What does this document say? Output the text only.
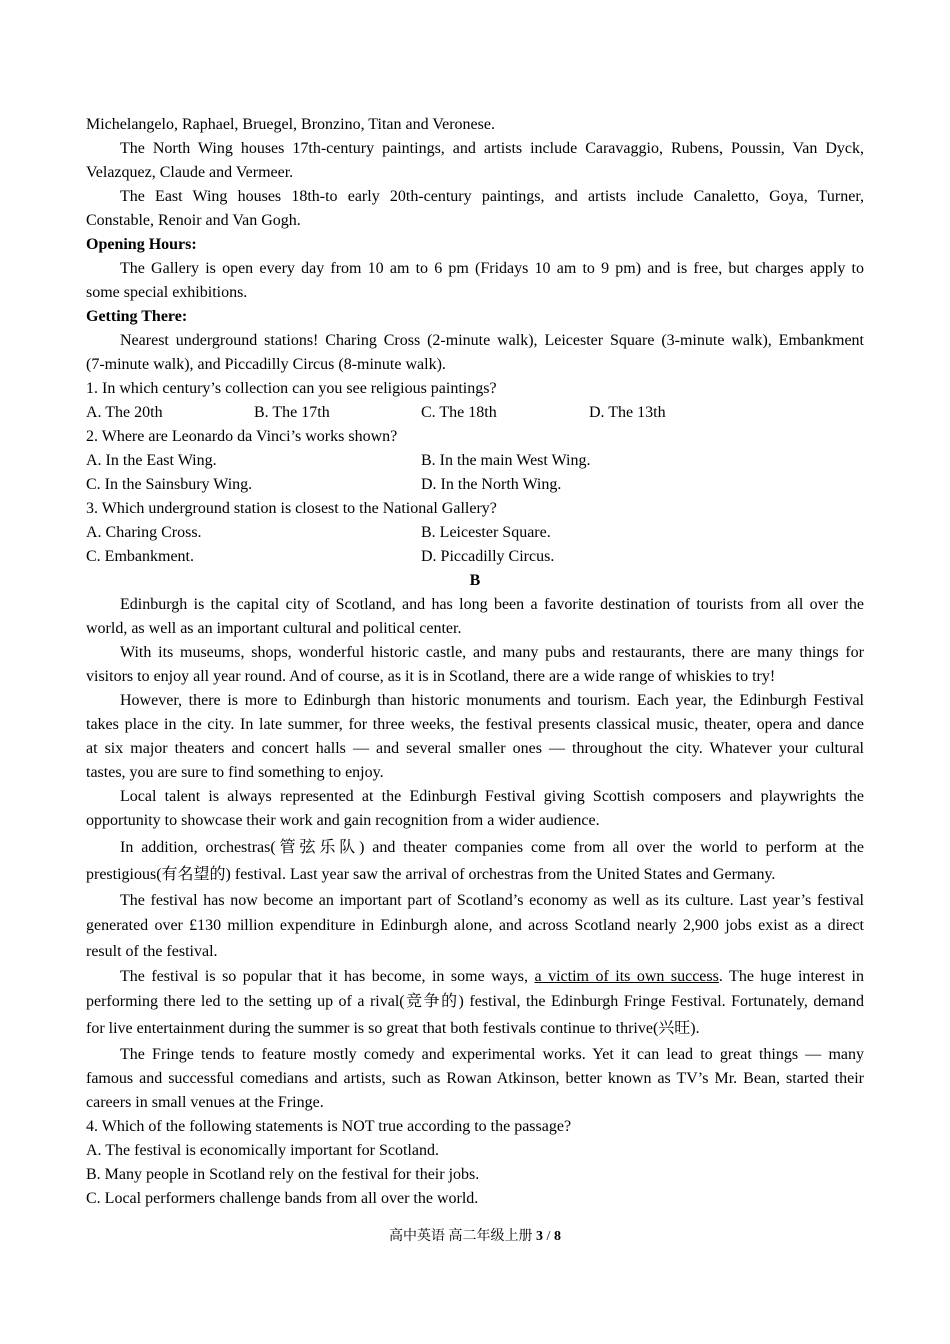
Michelangelo, Raphael, Bruegel, Bronzino, Titan and Veronese.
The North Wing houses 17th-century paintings, and artists include Caravaggio, Rubens, Poussin, Van Dyck,
Velazquez, Claude and Vermeer.
The East Wing houses 18th-to early 20th-century paintings, and artists include Canaletto, Goya, Turner,
Constable, Renoir and Van Gogh.
Opening Hours:
The Gallery is open every day from 10 am to 6 pm (Fridays 10 am to 9 pm) and is free, but charges apply to
some special exhibitions.
Getting There:
Nearest underground stations! Charing Cross (2-minute walk), Leicester Square (3-minute walk), Embankment
(7-minute walk), and Piccadilly Circus (8-minute walk).
1. In which century’s collection can you see religious paintings?
A. The 20th	B. The 17th	C. The 18th	D. The 13th
2. Where are Leonardo da Vinci’s works shown?
A. In the East Wing.	B. In the main West Wing.
C. In the Sainsbury Wing.	D. In the North Wing.
3. Which underground station is closest to the National Gallery?
A. Charing Cross.	B. Leicester Square.
C. Embankment.	D. Piccadilly Circus.
B
Edinburgh is the capital city of Scotland, and has long been a favorite destination of tourists from all over the
world, as well as an important cultural and political center.
With its museums, shops, wonderful historic castle, and many pubs and restaurants, there are many things for
visitors to enjoy all year round. And of course, as it is in Scotland, there are a wide range of whiskies to try!
However, there is more to Edinburgh than historic monuments and tourism. Each year, the Edinburgh Festival
takes place in the city. In late summer, for three weeks, the festival presents classical music, theater, opera and dance
at six major theaters and concert halls — and several smaller ones — throughout the city. Whatever your cultural
tastes, you are sure to find something to enjoy.
Local talent is always represented at the Edinburgh Festival giving Scottish composers and playwrights the
opportunity to showcase their work and gain recognition from a wider audience.
In addition, orchestras(管弦乐队) and theater companies come from all over the world to perform at the
prestigious(有名望的) festival. Last year saw the arrival of orchestras from the United States and Germany.
The festival has now become an important part of Scotland’s economy as well as its culture. Last year’s festival
generated over £130 million expenditure in Edinburgh alone, and across Scotland nearly 2,900 jobs exist as a direct
result of the festival.
The festival is so popular that it has become, in some ways, a victim of its own success. The huge interest in
performing there led to the setting up of a rival(竞争的) festival, the Edinburgh Fringe Festival. Fortunately, demand
for live entertainment during the summer is so great that both festivals continue to thrive(兴旺).
The Fringe tends to feature mostly comedy and experimental works. Yet it can lead to great things — many
famous and successful comedians and artists, such as Rowan Atkinson, better known as TV’s Mr. Bean, started their
careers in small venues at the Fringe.
4. Which of the following statements is NOT true according to the passage?
A. The festival is economically important for Scotland.
B. Many people in Scotland rely on the festival for their jobs.
C. Local performers challenge bands from all over the world.
高中英语 高二年级上册 3 / 8
